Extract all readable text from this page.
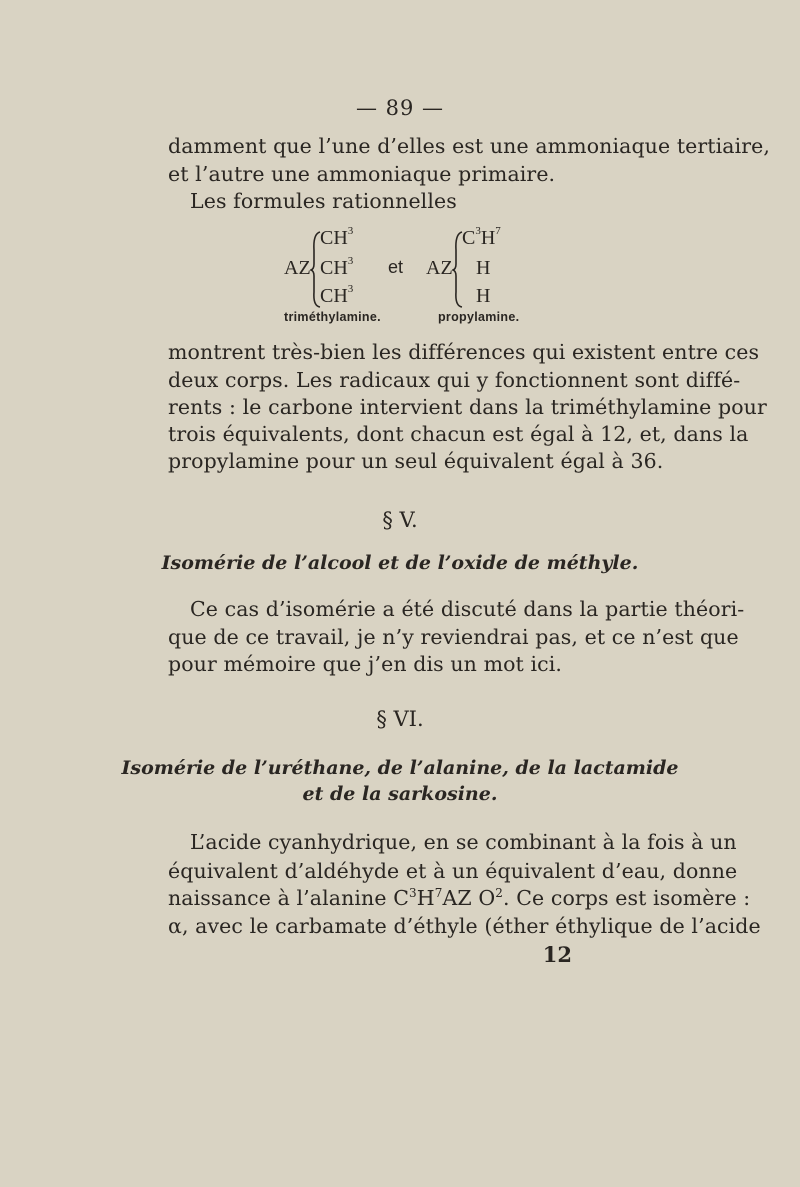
— 89 —
damment que l’une d’elles est une ammoniaque tertiaire,
et l’autre une ammoniaque primaire.
Les formules rationnelles
AZ
$CH^3$
$CH^3$
$CH^3$
et AZ
$C^3H^7$
H
H
triméthylamine.	propylamine.
montrent très-bien les différences qui existent entre ces
deux corps. Les radicaux qui y fonctionnent sont diffé-
rents : le carbone intervient dans la triméthylamine pour
trois équivalents, dont chacun est égal à 12, et, dans la
propylamine pour un seul équivalent égal à 36.
§ V.
Isomérie de l’alcool et de l’oxide de méthyle.
Ce cas d’isomérie a été discuté dans la partie théori-
que de ce travail, je n’y reviendrai pas, et ce n’est que
pour mémoire que j’en dis un mot ici.
§ VI.
Isomérie de l’uréthane, de l’alanine, de la lactamide
et de la sarkosine.
L’acide cyanhydrique, en se combinant à la fois à un
équivalent d’aldéhyde et à un équivalent d’eau, donne
naissance à l’alanine $C^3H^7AZ$ $O^2$. Ce corps est isomère :
α, avec le carbamate d’éthyle (éther éthylique de l’acide
12
